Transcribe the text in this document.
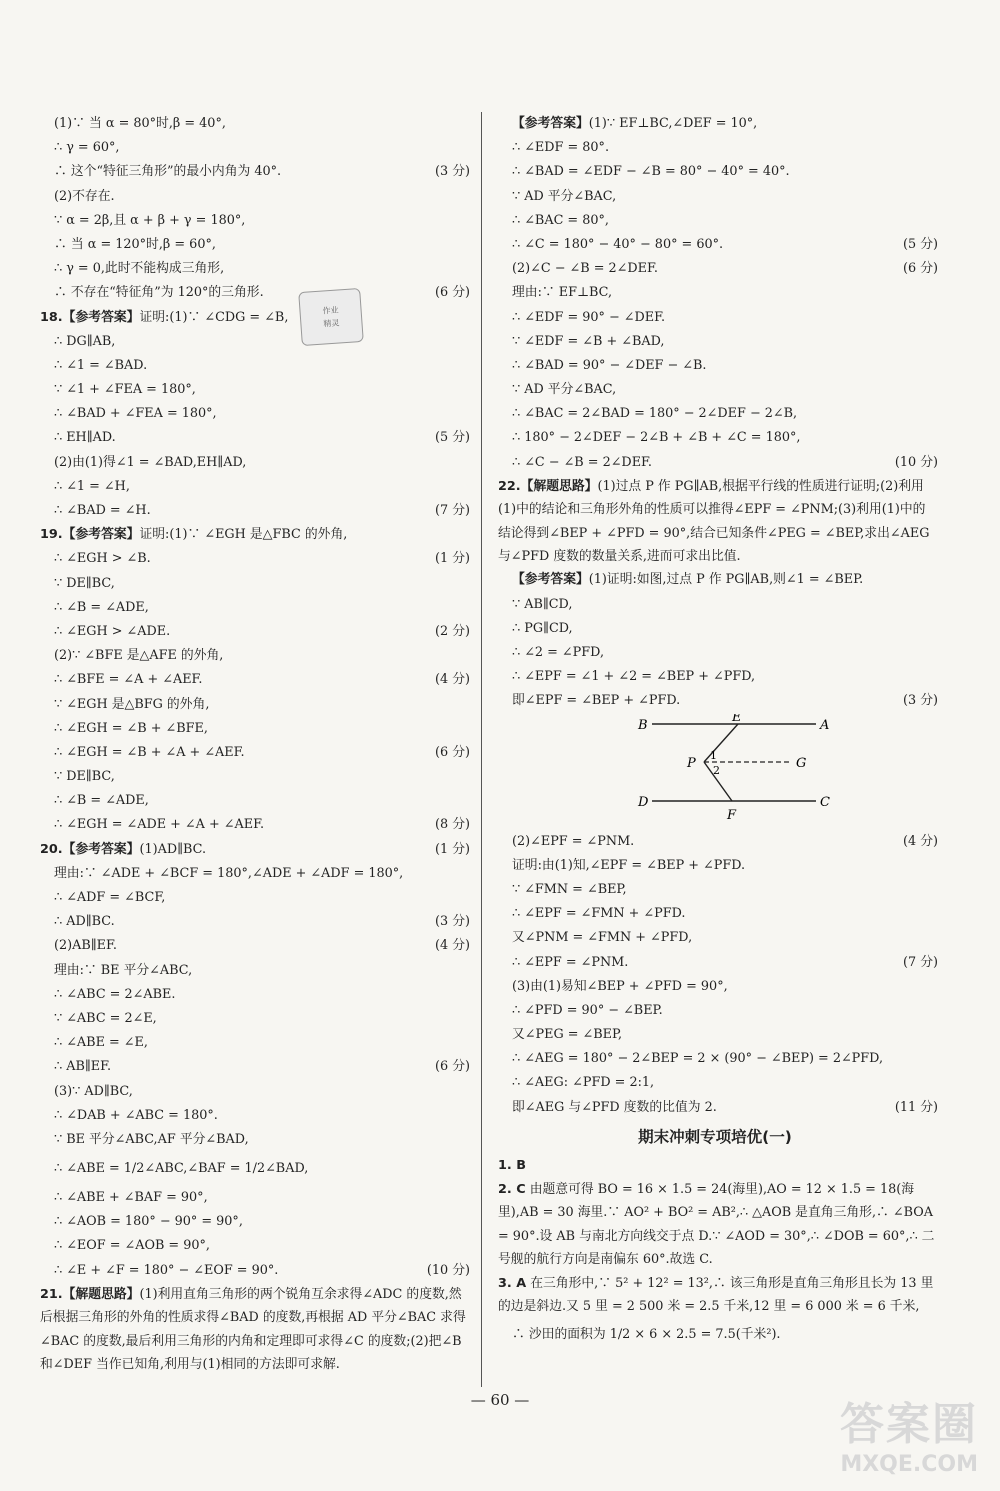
(1)∵ 当 α = 80°时,β = 40°,
∴ γ = 60°,
∴ 这个“特征三角形”的最小内角为 40°.	(3 分)
(2)不存在.
∵ α = 2β,且 α + β + γ = 180°,
∴ 当 α = 120°时,β = 60°,
∴ γ = 0,此时不能构成三角形,
∴ 不存在“特征角”为 120°的三角形.	(6 分)
18.【参考答案】证明:(1)∵ ∠CDG = ∠B,
∴ DG∥AB,
∴ ∠1 = ∠BAD.
∵ ∠1 + ∠FEA = 180°,
∴ ∠BAD + ∠FEA = 180°,
∴ EH∥AD.	(5 分)
(2)由(1)得∠1 = ∠BAD,EH∥AD,
∴ ∠1 = ∠H,
∴ ∠BAD = ∠H.	(7 分)
19.【参考答案】证明:(1)∵ ∠EGH 是△FBC 的外角,
∴ ∠EGH > ∠B.	(1 分)
∵ DE∥BC,
∴ ∠B = ∠ADE,
∴ ∠EGH > ∠ADE.	(2 分)
(2)∵ ∠BFE 是△AFE 的外角,
∴ ∠BFE = ∠A + ∠AEF.	(4 分)
∵ ∠EGH 是△BFG 的外角,
∴ ∠EGH = ∠B + ∠BFE,
∴ ∠EGH = ∠B + ∠A + ∠AEF.	(6 分)
∵ DE∥BC,
∴ ∠B = ∠ADE,
∴ ∠EGH = ∠ADE + ∠A + ∠AEF.	(8 分)
20.【参考答案】(1)AD∥BC.	(1 分)
理由:∵ ∠ADE + ∠BCF = 180°,∠ADE + ∠ADF = 180°,
∴ ∠ADF = ∠BCF,
∴ AD∥BC.	(3 分)
(2)AB∥EF.	(4 分)
理由:∵ BE 平分∠ABC,
∴ ∠ABC = 2∠ABE.
∵ ∠ABC = 2∠E,
∴ ∠ABE = ∠E,
∴ AB∥EF.	(6 分)
(3)∵ AD∥BC,
∴ ∠DAB + ∠ABC = 180°.
∵ BE 平分∠ABC,AF 平分∠BAD,
∴ ∠ABE = 1/2∠ABC,∠BAF = 1/2∠BAD,
∴ ∠ABE + ∠BAF = 90°,
∴ ∠AOB = 180° − 90° = 90°,
∴ ∠EOF = ∠AOB = 90°,
∴ ∠E + ∠F = 180° − ∠EOF = 90°.	(10 分)
21.【解题思路】(1)利用直角三角形的两个锐角互余求得∠ADC 的度数,然后根据三角形的外角的性质求得∠BAD 的度数,再根据 AD 平分∠BAC 求得∠BAC 的度数,最后利用三角形的内角和定理即可求得∠C 的度数;(2)把∠B 和∠DEF 当作已知角,利用与(1)相同的方法即可求解.
【参考答案】(1)∵ EF⊥BC,∠DEF = 10°,
∴ ∠EDF = 80°.
∴ ∠BAD = ∠EDF − ∠B = 80° − 40° = 40°.
∵ AD 平分∠BAC,
∴ ∠BAC = 80°,
∴ ∠C = 180° − 40° − 80° = 60°.	(5 分)
(2)∠C − ∠B = 2∠DEF.	(6 分)
理由:∵ EF⊥BC,
∴ ∠EDF = 90° − ∠DEF.
∵ ∠EDF = ∠B + ∠BAD,
∴ ∠BAD = 90° − ∠DEF − ∠B.
∵ AD 平分∠BAC,
∴ ∠BAC = 2∠BAD = 180° − 2∠DEF − 2∠B,
∴ 180° − 2∠DEF − 2∠B + ∠B + ∠C = 180°,
∴ ∠C − ∠B = 2∠DEF.	(10 分)
22.【解题思路】(1)过点 P 作 PG∥AB,根据平行线的性质进行证明;(2)利用(1)中的结论和三角形外角的性质可以推得∠EPF = ∠PNM;(3)利用(1)中的结论得到∠BEP + ∠PFD = 90°,结合已知条件∠PEG = ∠BEP,求出∠AEG 与∠PFD 度数的数量关系,进而可求出比值.
【参考答案】(1)证明:如图,过点 P 作 PG∥AB,则∠1 = ∠BEP.
∵ AB∥CD,
∴ PG∥CD,
∴ ∠2 = ∠PFD,
∴ ∠EPF = ∠1 + ∠2 = ∠BEP + ∠PFD,
即∠EPF = ∠BEP + ∠PFD.	(3 分)
B
E
A
P
1
2	G
D
F
C
(2)∠EPF = ∠PNM.	(4 分)
证明:由(1)知,∠EPF = ∠BEP + ∠PFD.
∵ ∠FMN = ∠BEP,
∴ ∠EPF = ∠FMN + ∠PFD.
又∠PNM = ∠FMN + ∠PFD,
∴ ∠EPF = ∠PNM.	(7 分)
(3)由(1)易知∠BEP + ∠PFD = 90°,
∴ ∠PFD = 90° − ∠BEP.
又∠PEG = ∠BEP,
∴ ∠AEG = 180° − 2∠BEP = 2 × (90° − ∠BEP) = 2∠PFD,
∴ ∠AEG: ∠PFD = 2:1,
即∠AEG 与∠PFD 度数的比值为 2.	(11 分)
期末冲刺专项培优(一)
1. B
2. C 由题意可得 BO = 16 × 1.5 = 24(海里),AO = 12 × 1.5 = 18(海里),AB = 30 海里.∵ AO² + BO² = AB²,∴ △AOB 是直角三角形,∴ ∠BOA = 90°.设 AB 与南北方向线交于点 D.∵ ∠AOD = 30°,∴ ∠DOB = 60°,∴ 二号舰的航行方向是南偏东 60°.故选 C.
3. A 在三角形中,∵ 5² + 12² = 13²,∴ 该三角形是直角三角形且长为 13 里的边是斜边.又 5 里 = 2 500 米 = 2.5 千米,12 里 = 6 000 米 = 6 千米,
∴ 沙田的面积为 1/2 × 6 × 2.5 = 7.5(千米²).

作业
精灵
— 60 —	答案圈
MXQE.COM
